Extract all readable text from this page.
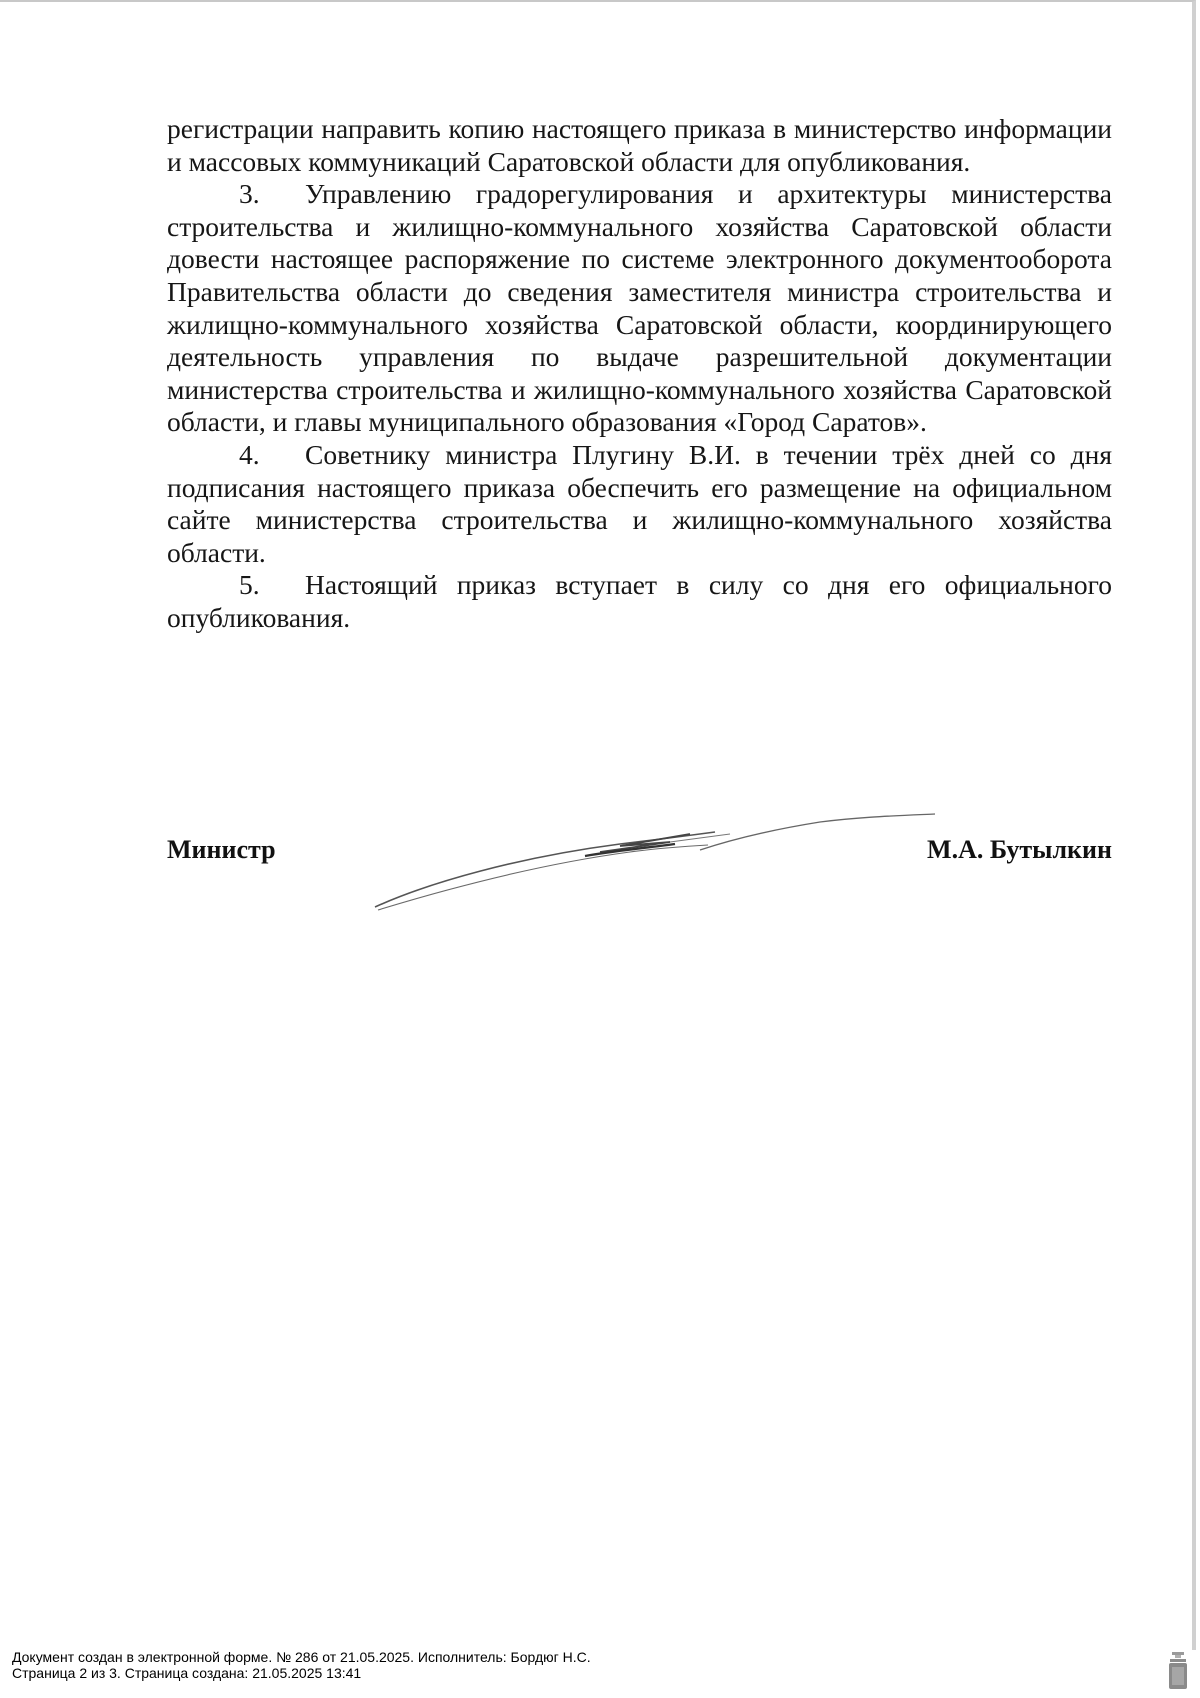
регистрации направить копию настоящего приказа в министерство информации и массовых коммуникаций Саратовской области для опубликования.

3. Управлению градорегулирования и архитектуры министерства строительства и жилищно-коммунального хозяйства Саратовской области довести настоящее распоряжение по системе электронного документооборота Правительства области до сведения заместителя министра строительства и жилищно-коммунального хозяйства Саратовской области, координирующего деятельность управления по выдаче разрешительной документации министерства строительства и жилищно-коммунального хозяйства Саратовской области, и главы муниципального образования «Город Саратов».

4. Советнику министра Плугину В.И. в течении трёх дней со дня подписания настоящего приказа обеспечить его размещение на официальном сайте министерства строительства и жилищно-коммунального хозяйства области.

5. Настоящий приказ вступает в силу со дня его официального опубликования.

Министр	М.А. Бутылкин
Документ создан в электронной форме. № 286 от 21.05.2025. Исполнитель: Бордюг Н.С.
Страница 2 из 3. Страница создана: 21.05.2025 13:41
